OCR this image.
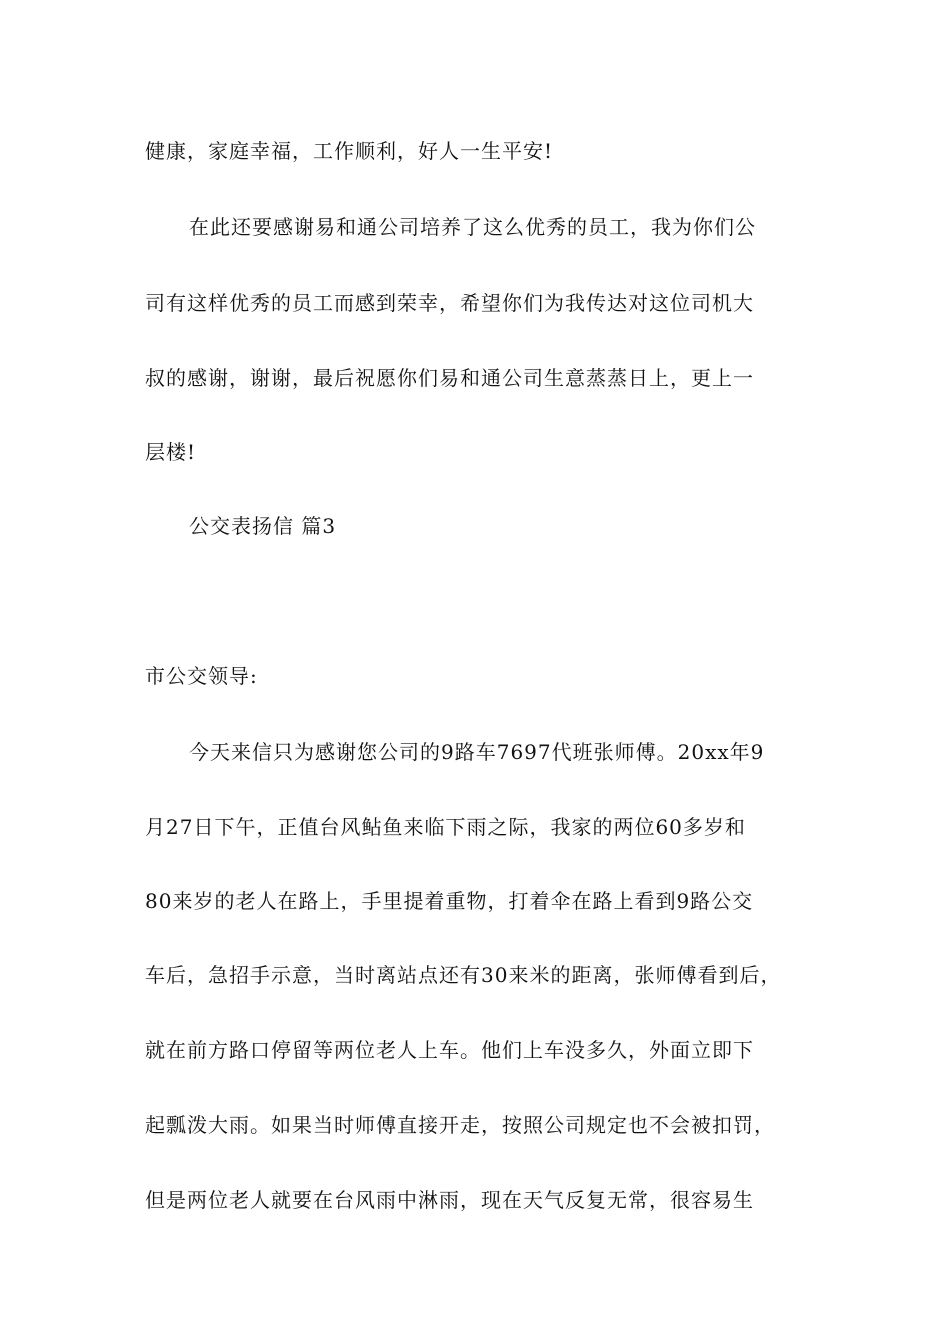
健康，家庭幸福，工作顺利，好人一生平安!
在此还要感谢易和通公司培养了这么优秀的员工，我为你们公
司有这样优秀的员工而感到荣幸，希望你们为我传达对这位司机大
叔的感谢，谢谢，最后祝愿你们易和通公司生意蒸蒸日上，更上一
层楼!
公交表扬信 篇3
市公交领导:
今天来信只为感谢您公司的9路车7697代班张师傅。20xx年9
月27日下午，正值台风鲇鱼来临下雨之际，我家的两位60多岁和
80来岁的老人在路上，手里提着重物，打着伞在路上看到9路公交
车后，急招手示意，当时离站点还有30来米的距离，张师傅看到后，
就在前方路口停留等两位老人上车。他们上车没多久，外面立即下
起瓢泼大雨。如果当时师傅直接开走，按照公司规定也不会被扣罚，
但是两位老人就要在台风雨中淋雨，现在天气反复无常，很容易生
